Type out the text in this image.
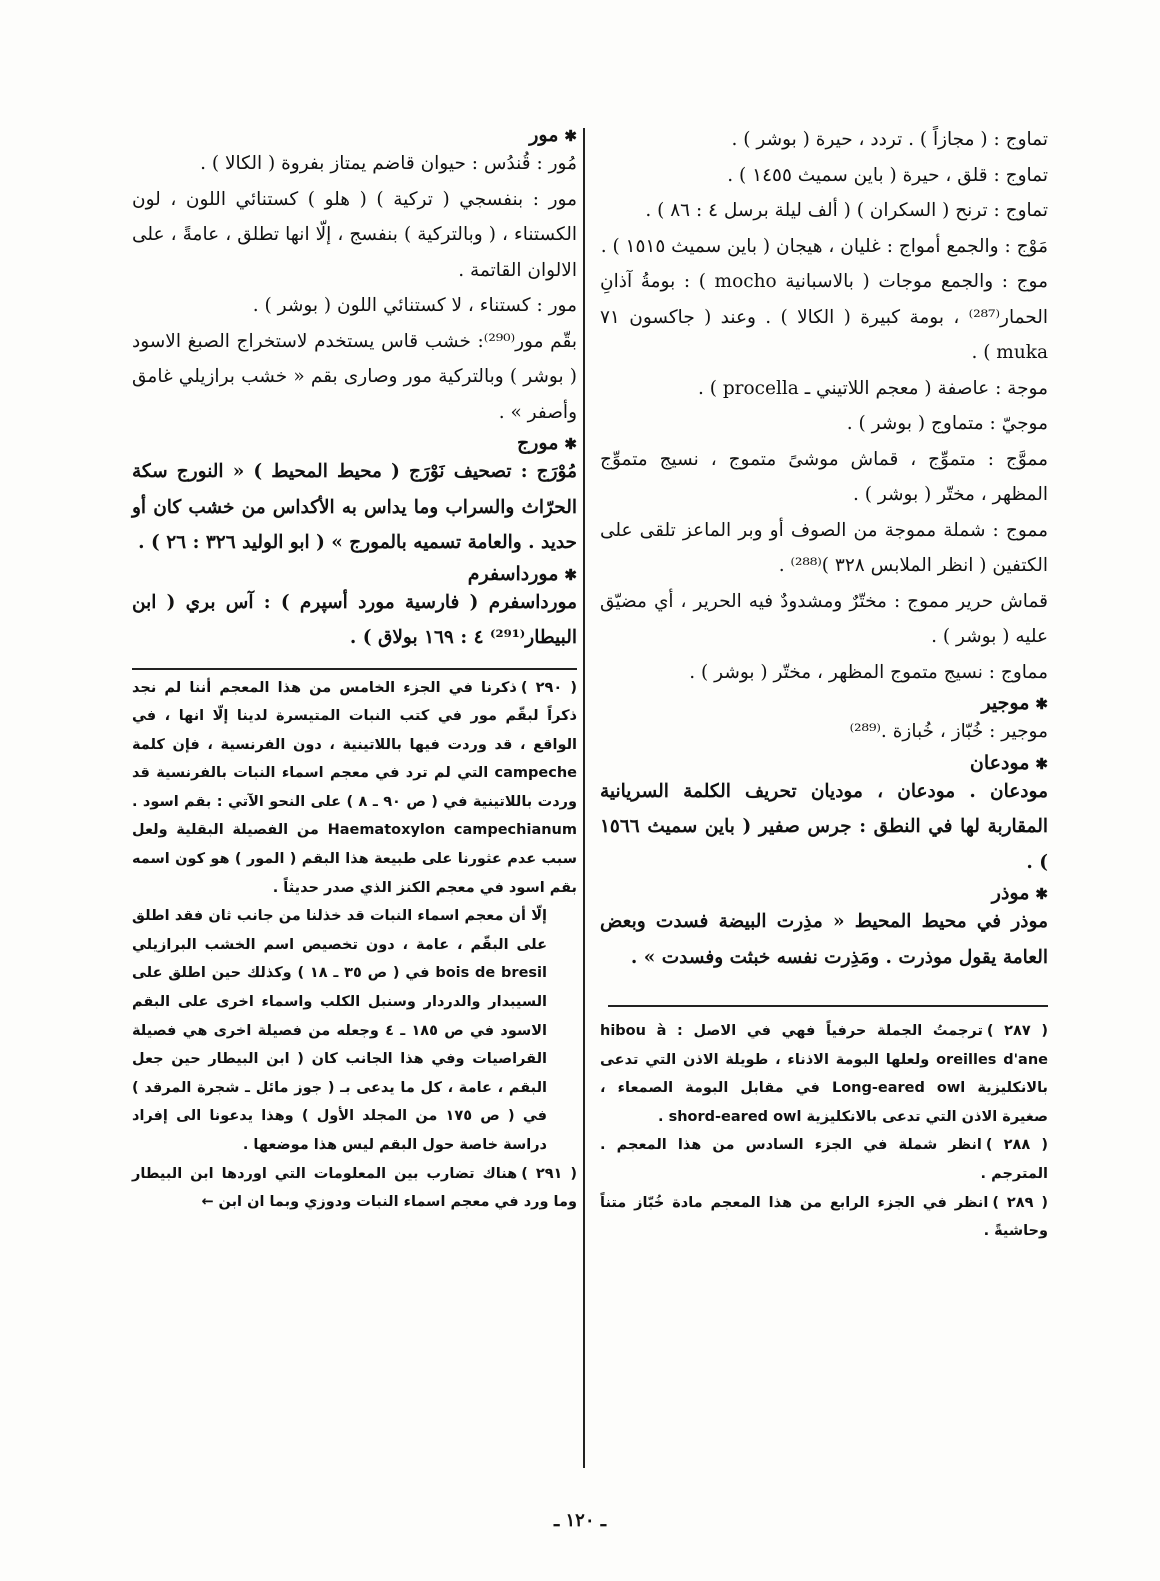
تماوج : ( مجازاً ) . تردد ، حيرة ( بوشر ) .

تماوج : قلق ، حيرة ( باين سميث ١٤٥٥ ) .

تماوج : ترنح ( السكران ) ( ألف ليلة برسل ٤ : ٨٦ ) .

مَوْج : والجمع أمواج : غليان ، هيجان ( باين سميث ١٥١٥ ) .

موج : والجمع موجات ( بالاسبانية mocho ) : بومةُ آذانِ الحمار⁽²⁸⁷⁾ ، بومة كبيرة ( الكالا ) . وعند ( جاكسون ٧١ muka ) .

موجة : عاصفة ( معجم اللاتيني ـ procella ) .

موجيّ : متماوج ( بوشر ) .

مموَّج : متموِّج ، قماش موشىً متموج ، نسيج متموِّج المظهر ، مختّر ( بوشر ) .

مموج : شملة مموجة من الصوف أو وبر الماعز تلقى على الكتفين ( انظر الملابس ٣٢٨ )⁽²⁸⁸⁾ .

قماش حرير مموج : مختّرٌ ومشدودٌ فيه الحرير ، أي مضيّق عليه ( بوشر ) .

مماوج : نسيج متموج المظهر ، مختّر ( بوشر ) .

✱موجير

موجير : خُبّاز ، خُبازة .⁽²⁸⁹⁾

✱مودعان

مودعان . مودعان ، موديان تحريف الكلمة السريانية المقاربة لها في النطق : جرس صفير ( باين سميث ١٥٦٦ ) .

✱موذر

موذر في محيط المحيط « مذِرت البيضة فسدت وبعض العامة يقول موذرت . ومَذِرت نفسه خبثت وفسدت » .

( ٢٨٧ )ترجمتُ الجملة حرفياً فهي في الاصل : hibou à oreilles d'ane ولعلها البومة الاذناء ، طويلة الاذن التي تدعى بالانكليزية Long-eared owl في مقابل البومة الصمعاء ، صغيرة الاذن التي تدعى بالانكليزية shord-eared owl .

( ٢٨٨ )انظر شملة في الجزء السادس من هذا المعجم . المترجم .

( ٢٨٩ )انظر في الجزء الرابع من هذا المعجم مادة خُبّاز متناً وحاشيةً .

✱مور

مُور : قُندُس : حيوان قاضم يمتاز بفروة ( الكالا ) .

مور : بنفسجي ( تركية ) ( هلو ) كستنائي اللون ، لون الكستناء ، ( وبالتركية ) بنفسج ، إلّا انها تطلق ، عامةً ، على الالوان القاتمة .

مور : كستناء ، لا كستنائي اللون ( بوشر ) .

بقّم مور⁽²⁹⁰⁾: خشب قاس يستخدم لاستخراج الصبغ الاسود ( بوشر ) وبالتركية مور وصارى بقم « خشب برازيلي غامق وأصفر » .

✱مورج

مُوْرَج : تصحيف نَوْرَج ( محيط المحيط ) « النورج سكة الحرّاث والسراب وما يداس به الأكداس من خشب كان أو حديد . والعامة تسميه بالمورج » ( ابو الوليد ٣٢٦ : ٢٦ ) .

✱مورداسفرم

مورداسفرم ( فارسية مورد أسپرم ) : آس بري ( ابن البيطار⁽²⁹¹⁾ ٤ : ١٦٩ بولاق ) .

( ٢٩٠ )ذكرنا في الجزء الخامس من هذا المعجم أننا لم نجد ذكراً لبقّم مور في كتب النبات المتيسرة لدينا إلّا انها ، في الواقع ، قد وردت فيها باللاتينية ، دون الفرنسية ، فإن كلمة campeche التي لم ترد في معجم اسماء النبات بالفرنسية قد وردت باللاتينية في ( ص ٩٠ ـ ٨ ) على النحو الآتي : بقم اسود . Haematoxylon campechianum من الفصيلة البقلية ولعل سبب عدم عثورنا على طبيعة هذا البقم ( المور ) هو كون اسمه بقم اسود في معجم الكنز الذي صدر حديثاً .

إلّا أن معجم اسماء النبات قد خذلنا من جانب ثان فقد اطلق على البقّم ، عامة ، دون تخصيص اسم الخشب البرازيلي bois de bresil في ( ص ٣٥ ـ ١٨ ) وكذلك حين اطلق على السيبدار والدردار وسنبل الكلب واسماء اخرى على البقم الاسود في ص ١٨٥ ـ ٤ وجعله من فصيلة اخرى هي فصيلة القراصيات وفي هذا الجانب كان ( ابن البيطار حين جعل البقم ، عامة ، كل ما يدعى بـ ( جوز مائل ـ شجرة المرقد ) في ( ص ١٧٥ من المجلد الأول ) وهذا يدعونا الى إفراد دراسة خاصة حول البقم ليس هذا موضعها .

( ٢٩١ )هناك تضارب بين المعلومات التي اوردها ابن البيطار وما ورد في معجم اسماء النبات ودوزي وبما ان ابن ←

ـ ١٢٠ ـ
